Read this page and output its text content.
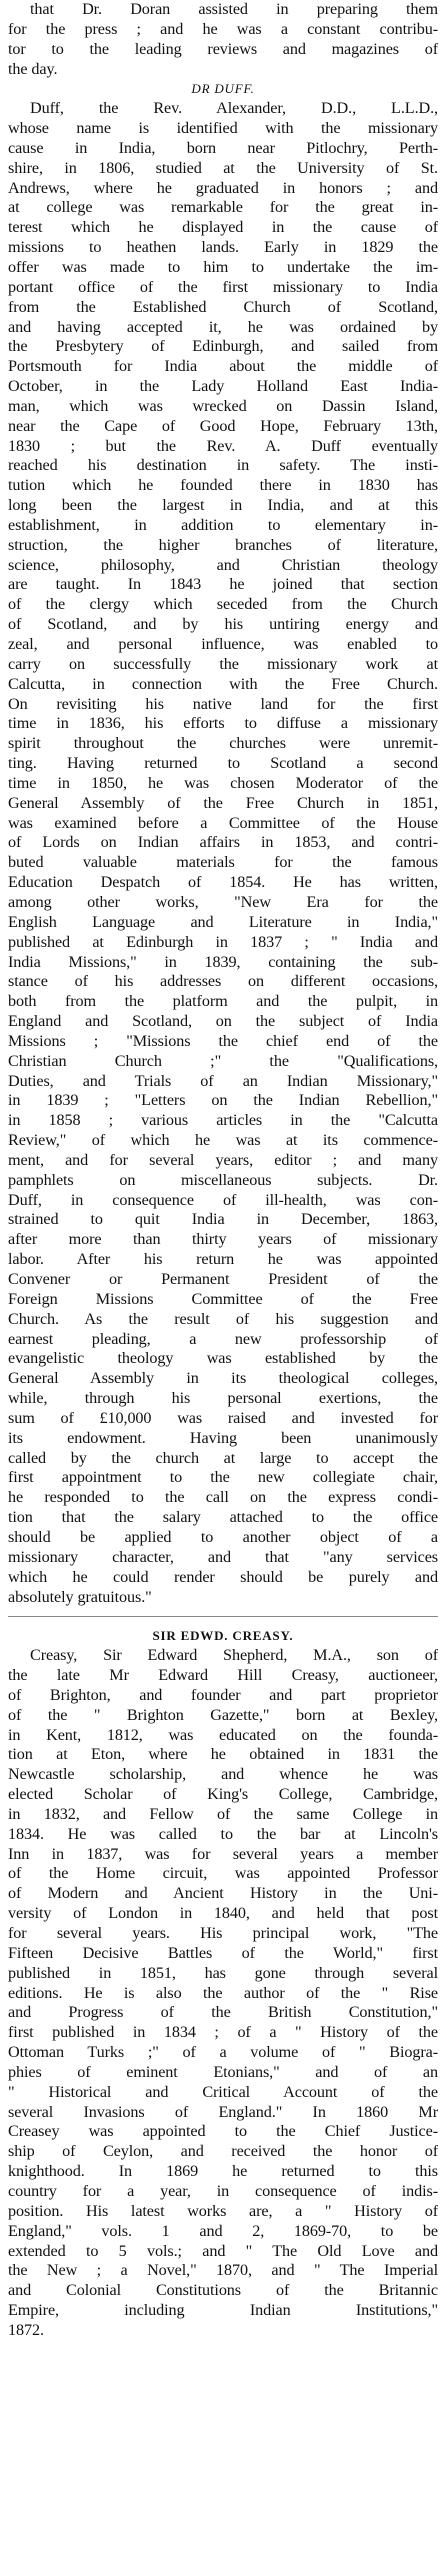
that Dr. Doran assisted in preparing them
for the press ; and he was a constant contribu-
tor to the leading reviews and magazines of
the day.
DR DUFF.
Duff, the Rev. Alexander, D.D., L.L.D.,
whose name is identified with the missionary
cause in India, born near Pitlochry, Perth-
shire, in 1806, studied at the University of St.
Andrews, where he graduated in honors ; and
at college was remarkable for the great in-
terest which he displayed in the cause of
missions to heathen lands. Early in 1829 the
offer was made to him to undertake the im-
portant office of the first missionary to India
from the Established Church of Scotland,
and having accepted it, he was ordained by
the Presbytery of Edinburgh, and sailed from
Portsmouth for India about the middle of
October, in the Lady Holland East India-
man, which was wrecked on Dassin Island,
near the Cape of Good Hope, February 13th,
1830 ; but the Rev. A. Duff eventually
reached his destination in safety. The insti-
tution which he founded there in 1830 has
long been the largest in India, and at this
establishment, in addition to elementary in-
struction, the higher branches of literature,
science, philosophy, and Christian theology
are taught. In 1843 he joined that section
of the clergy which seceded from the Church
of Scotland, and by his untiring energy and
zeal, and personal influence, was enabled to
carry on successfully the missionary work at
Calcutta, in connection with the Free Church.
On revisiting his native land for the first
time in 1836, his efforts to diffuse a missionary
spirit throughout the churches were unremit-
ting. Having returned to Scotland a second
time in 1850, he was chosen Moderator of the
General Assembly of the Free Church in 1851,
was examined before a Committee of the House
of Lords on Indian affairs in 1853, and contri-
buted valuable materials for the famous
Education Despatch of 1854. He has written,
among other works, "New Era for the
English Language and Literature in India,"
published at Edinburgh in 1837 ; " India and
India Missions," in 1839, containing the sub-
stance of his addresses on different occasions,
both from the platform and the pulpit, in
England and Scotland, on the subject of India
Missions ; "Missions the chief end of the
Christian Church ;" the "Qualifications,
Duties, and Trials of an Indian Missionary,"
in 1839 ; "Letters on the Indian Rebellion,"
in 1858 ; various articles in the "Calcutta
Review," of which he was at its commence-
ment, and for several years, editor ; and many
pamphlets on miscellaneous subjects. Dr.
Duff, in consequence of ill-health, was con-
strained to quit India in December, 1863,
after more than thirty years of missionary
labor. After his return he was appointed
Convener or Permanent President of the
Foreign Missions Committee of the Free
Church. As the result of his suggestion and
earnest pleading, a new professorship of
evangelistic theology was established by the
General Assembly in its theological colleges,
while, through his personal exertions, the
sum of £10,000 was raised and invested for
its endowment. Having been unanimously
called by the church at large to accept the
first appointment to the new collegiate chair,
he responded to the call on the express condi-
tion that the salary attached to the office
should be applied to another object of a
missionary character, and that "any services
which he could render should be purely and
absolutely gratuitous."
SIR EDWD. CREASY.
Creasy, Sir Edward Shepherd, M.A., son of
the late Mr Edward Hill Creasy, auctioneer,
of Brighton, and founder and part proprietor
of the " Brighton Gazette," born at Bexley,
in Kent, 1812, was educated on the founda-
tion at Eton, where he obtained in 1831 the
Newcastle scholarship, and whence he was
elected Scholar of King's College, Cambridge,
in 1832, and Fellow of the same College in
1834. He was called to the bar at Lincoln's
Inn in 1837, was for several years a member
of the Home circuit, was appointed Professor
of Modern and Ancient History in the Uni-
versity of London in 1840, and held that post
for several years. His principal work, "The
Fifteen Decisive Battles of the World," first
published in 1851, has gone through several
editions. He is also the author of the " Rise
and Progress of the British Constitution,"
first published in 1834 ; of a " History of the
Ottoman Turks ;" of a volume of " Biogra-
phies of eminent Etonians," and of an
" Historical and Critical Account of the
several Invasions of England." In 1860 Mr
Creasey was appointed to the Chief Justice-
ship of Ceylon, and received the honor of
knighthood. In 1869 he returned to this
country for a year, in consequence of indis-
position. His latest works are, a " History of
England," vols. 1 and 2, 1869-70, to be
extended to 5 vols.; and " The Old Love and
the New ; a Novel," 1870, and " The Imperial
and Colonial Constitutions of the Britannic
Empire, including Indian Institutions,"
1872.
